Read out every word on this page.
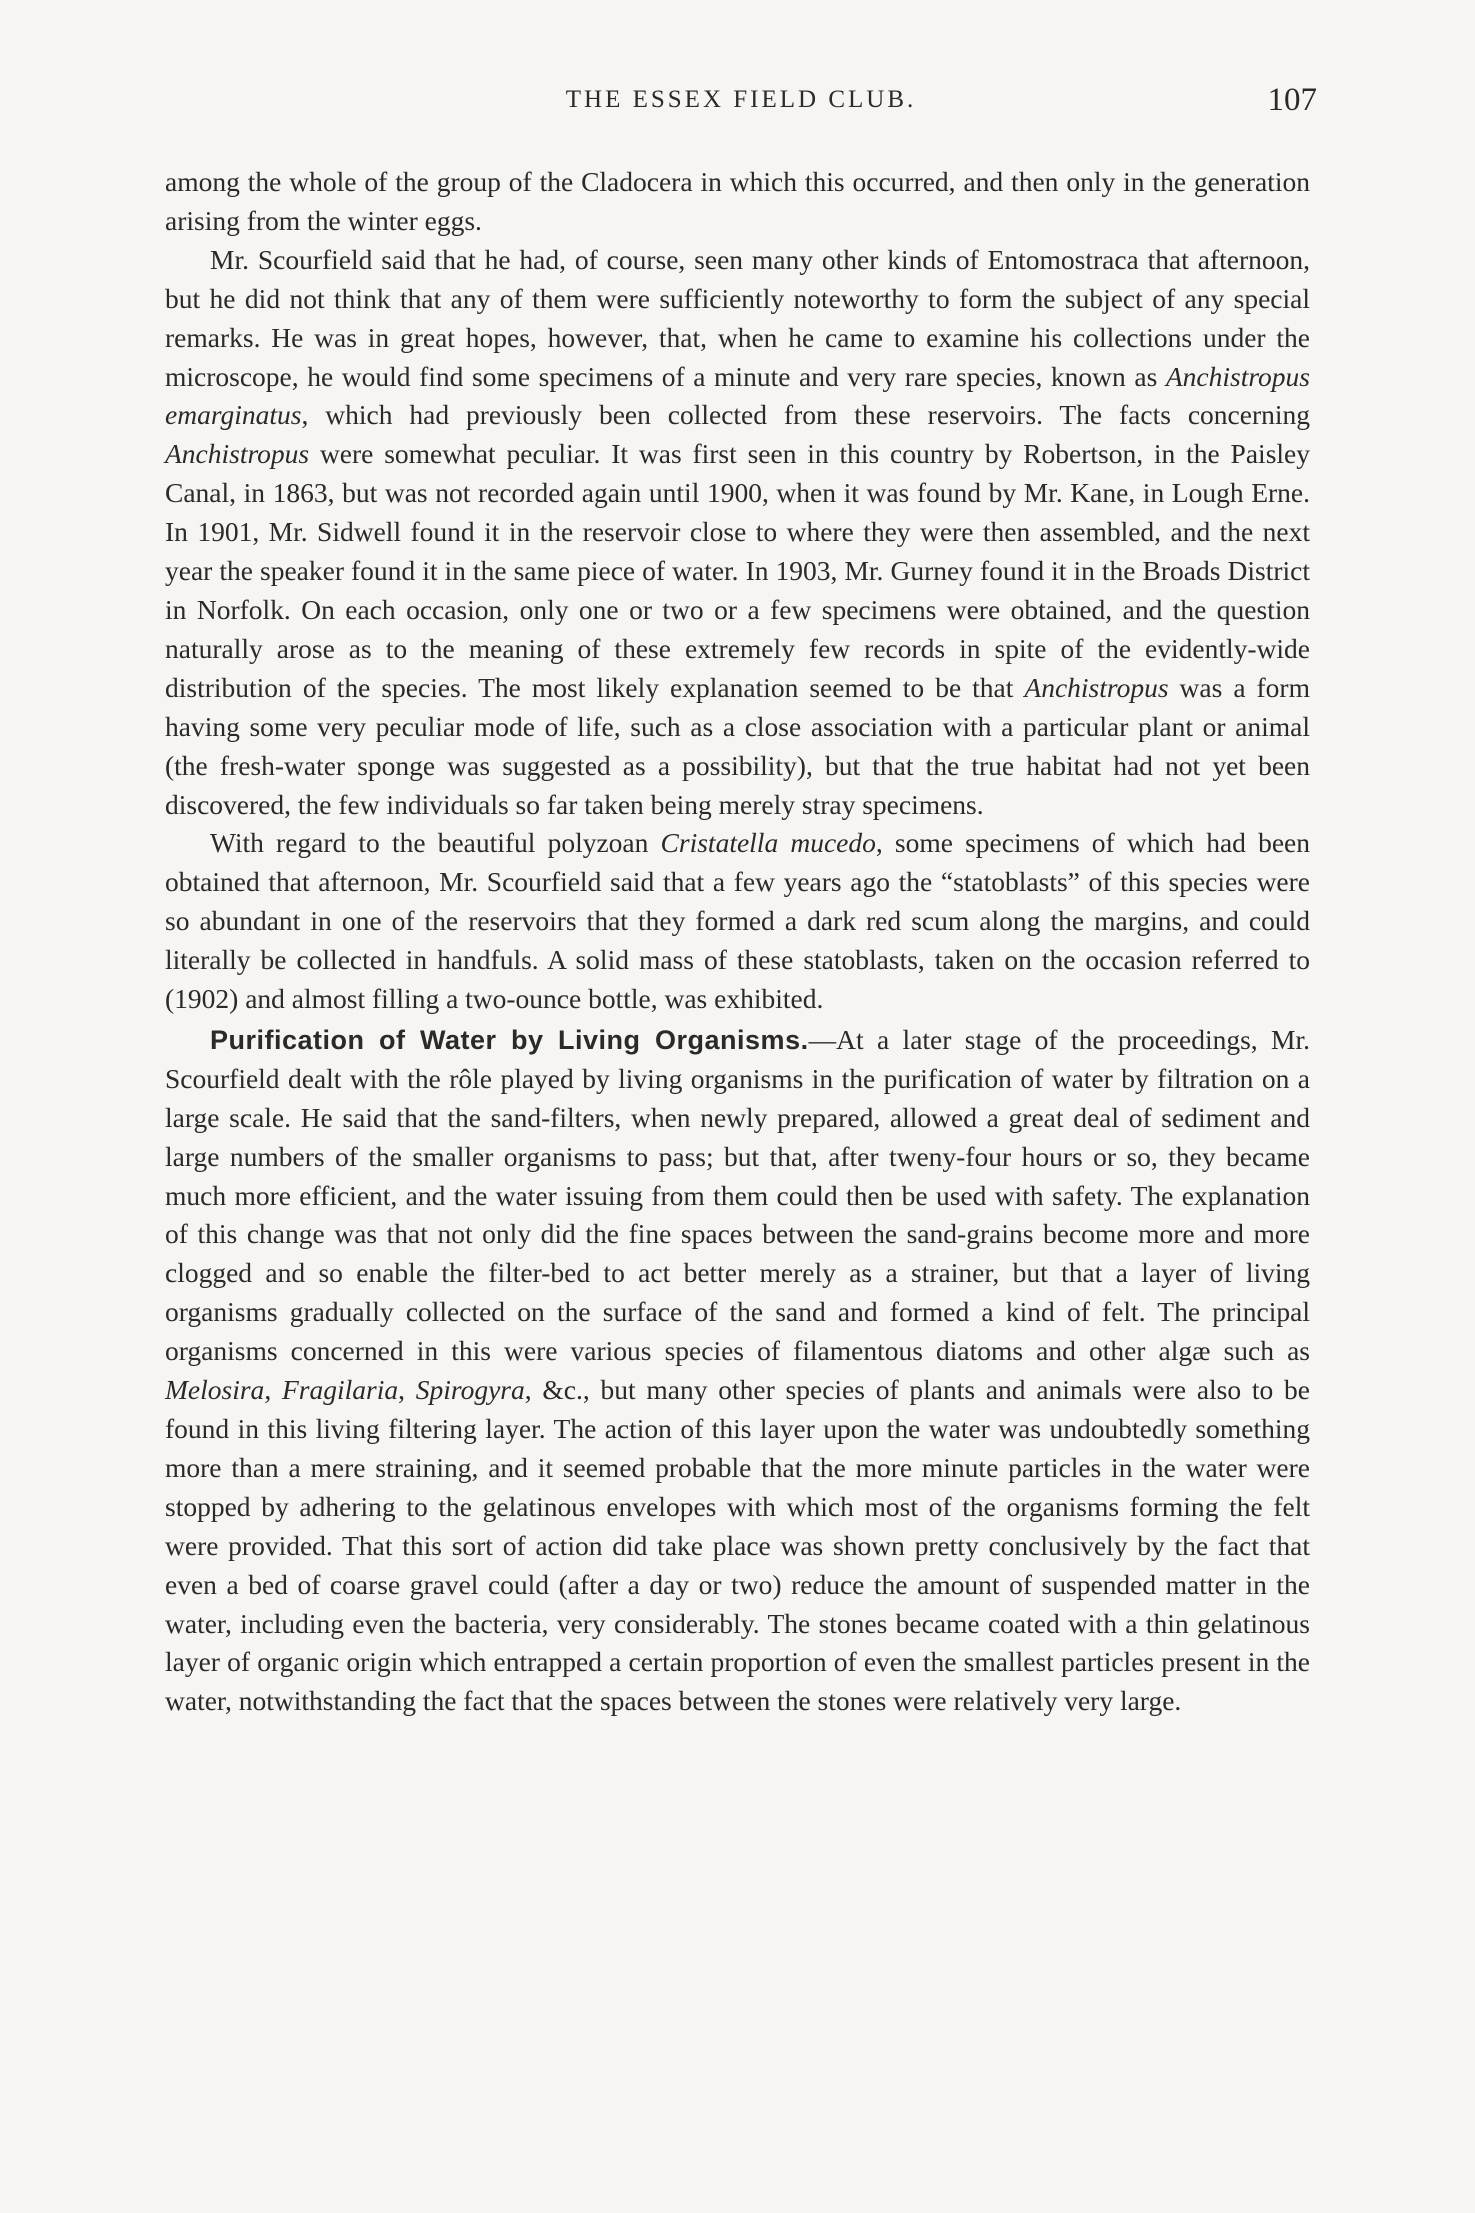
THE ESSEX FIELD CLUB.	107

among the whole of the group of the Cladocera in which this occurred, and then only in the generation arising from the winter eggs.

Mr. Scourfield said that he had, of course, seen many other kinds of Entomostraca that afternoon, but he did not think that any of them were sufficiently noteworthy to form the subject of any special remarks. He was in great hopes, however, that, when he came to examine his collections under the microscope, he would find some specimens of a minute and very rare species, known as Anchistropus emarginatus, which had previously been collected from these reservoirs. The facts concerning Anchistropus were somewhat peculiar. It was first seen in this country by Robertson, in the Paisley Canal, in 1863, but was not recorded again until 1900, when it was found by Mr. Kane, in Lough Erne. In 1901, Mr. Sidwell found it in the reservoir close to where they were then assembled, and the next year the speaker found it in the same piece of water. In 1903, Mr. Gurney found it in the Broads District in Norfolk. On each occasion, only one or two or a few specimens were obtained, and the question naturally arose as to the meaning of these extremely few records in spite of the evidently-wide distribution of the species. The most likely explanation seemed to be that Anchistropus was a form having some very peculiar mode of life, such as a close association with a particular plant or animal (the fresh-water sponge was suggested as a possibility), but that the true habitat had not yet been discovered, the few individuals so far taken being merely stray specimens.

With regard to the beautiful polyzoan Cristatella mucedo, some specimens of which had been obtained that afternoon, Mr. Scourfield said that a few years ago the “statoblasts” of this species were so abundant in one of the reservoirs that they formed a dark red scum along the margins, and could literally be collected in handfuls. A solid mass of these statoblasts, taken on the occasion referred to (1902) and almost filling a two-ounce bottle, was exhibited.

Purification of Water by Living Organisms.—At a later stage of the proceedings, Mr. Scourfield dealt with the rôle played by living organisms in the purification of water by filtration on a large scale. He said that the sand-filters, when newly prepared, allowed a great deal of sediment and large numbers of the smaller organisms to pass; but that, after tweny-four hours or so, they became much more efficient, and the water issuing from them could then be used with safety. The explanation of this change was that not only did the fine spaces between the sand-grains become more and more clogged and so enable the filter-bed to act better merely as a strainer, but that a layer of living organisms gradually collected on the surface of the sand and formed a kind of felt. The principal organisms concerned in this were various species of filamentous diatoms and other algæ such as Melosira, Fragilaria, Spirogyra, &c., but many other species of plants and animals were also to be found in this living filtering layer. The action of this layer upon the water was undoubtedly something more than a mere straining, and it seemed probable that the more minute particles in the water were stopped by adhering to the gelatinous envelopes with which most of the organisms forming the felt were provided. That this sort of action did take place was shown pretty conclusively by the fact that even a bed of coarse gravel could (after a day or two) reduce the amount of suspended matter in the water, including even the bacteria, very considerably. The stones became coated with a thin gelatinous layer of organic origin which entrapped a certain proportion of even the smallest particles present in the water, notwithstanding the fact that the spaces between the stones were relatively very large.
